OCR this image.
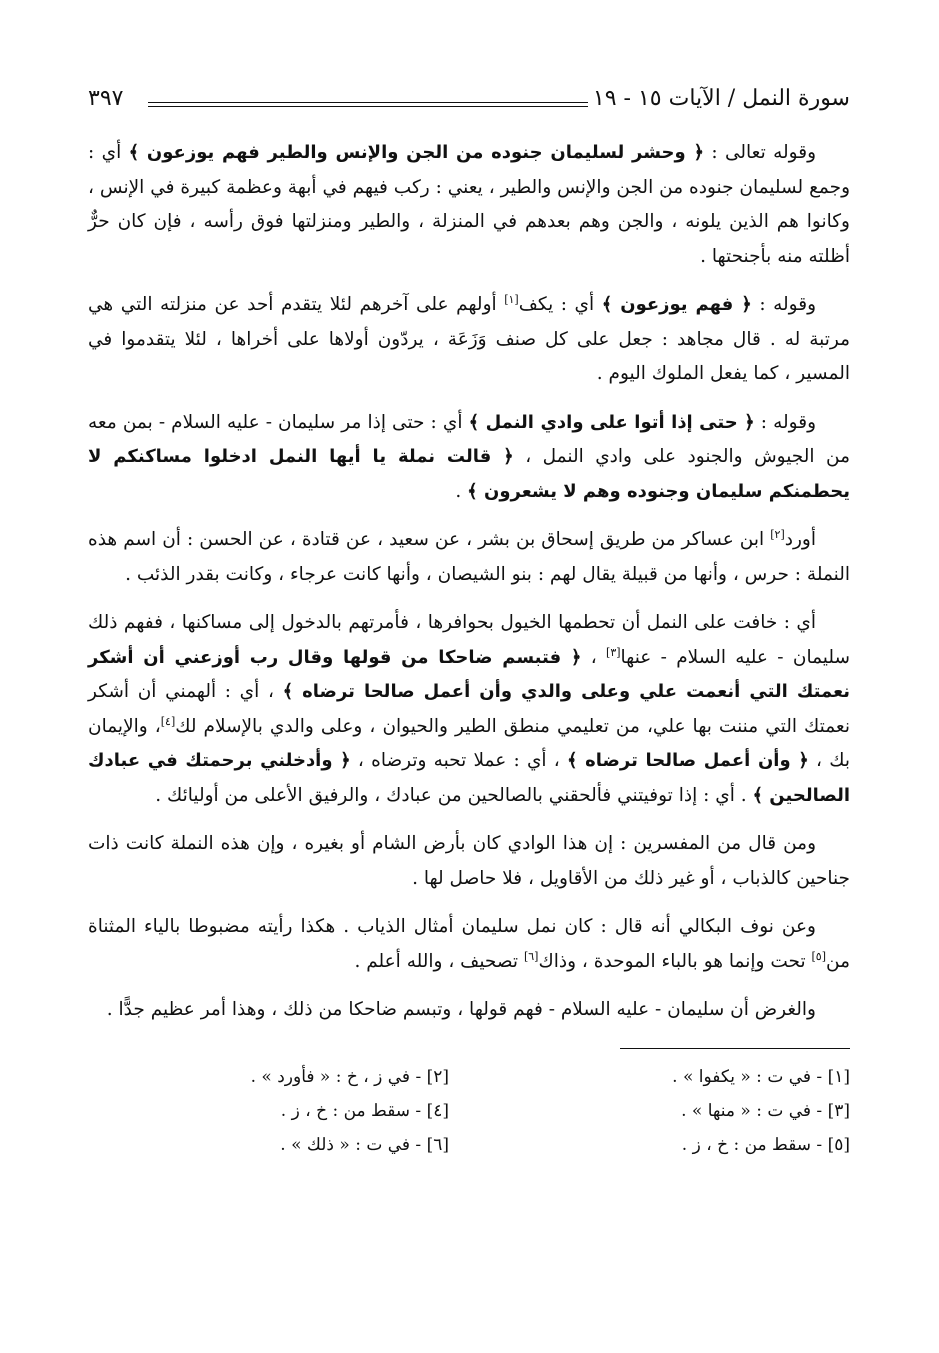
سورة النمل / الآيات ١٥ - ١٩
٣٩٧

وقوله تعالى : ﴿ وحشر لسليمان جنوده من الجن والإنس والطير فهم يوزعون ﴾ أي : وجمع لسليمان جنوده من الجن والإنس والطير ، يعني : ركب فيهم في أبهة وعظمة كبيرة في الإنس ، وكانوا هم الذين يلونه ، والجن وهم بعدهم في المنزلة ، والطير ومنزلتها فوق رأسه ، فإن كان حرٌّ أظلته منه بأجنحتها .

وقوله : ﴿ فهم يوزعون ﴾ أي : يكف[١] أولهم على آخرهم لئلا يتقدم أحد عن منزلته التي هي مرتبة له . قال مجاهد : جعل على كل صنف وَزَعَة ، يردّون أولاها على أخراها ، لئلا يتقدموا في المسير ، كما يفعل الملوك اليوم .

وقوله : ﴿ حتى إذا أتوا على وادي النمل ﴾ أي : حتى إذا مر سليمان - عليه السلام - بمن معه من الجيوش والجنود على وادي النمل ، ﴿ قالت نملة يا أيها النمل ادخلوا مساكنكم لا يحطمنكم سليمان وجنوده وهم لا يشعرون ﴾ .

أورد[٢] ابن عساكر من طريق إسحاق بن بشر ، عن سعيد ، عن قتادة ، عن الحسن : أن اسم هذه النملة : حرس ، وأنها من قبيلة يقال لهم : بنو الشيصان ، وأنها كانت عرجاء ، وكانت بقدر الذئب .

أي : خافت على النمل أن تحطمها الخيول بحوافرها ، فأمرتهم بالدخول إلى مساكنها ، ففهم ذلك سليمان - عليه السلام - عنها[٣] ، ﴿ فتبسم ضاحكا من قولها وقال رب أوزعني أن أشكر نعمتك التي أنعمت علي وعلى والدي وأن أعمل صالحا ترضاه ﴾ ، أي : ألهمني أن أشكر نعمتك التي مننت بها علي، من تعليمي منطق الطير والحيوان ، وعلى والدي بالإسلام لك[٤]، والإيمان بك ، ﴿ وأن أعمل صالحا ترضاه ﴾ ، أي : عملا تحبه وترضاه ، ﴿ وأدخلني برحمتك في عبادك الصالحين ﴾ . أي : إذا توفيتني فألحقني بالصالحين من عبادك ، والرفيق الأعلى من أوليائك .

ومن قال من المفسرين : إن هذا الوادي كان بأرض الشام أو بغيره ، وإن هذه النملة كانت ذات جناحين كالذباب ، أو غير ذلك من الأقاويل ، فلا حاصل لها .

وعن نوف البكالي أنه قال : كان نمل سليمان أمثال الذياب . هكذا رأيته مضبوطا بالياء المثناة من[٥] تحت وإنما هو بالباء الموحدة ، وذاك[٦] تصحيف ، والله أعلم .

والغرض أن سليمان - عليه السلام - فهم قولها ، وتبسم ضاحكا من ذلك ، وهذا أمر عظيم جدًّا .

[١] - في ت : « يكفوا » .
[٢] - في ز ، خ : « فأورد » .
[٣] - في ت : « منها » .
[٤] - سقط من : خ ، ز .
[٥] - سقط من : خ ، ز .
[٦] - في ت : « ذلك » .
